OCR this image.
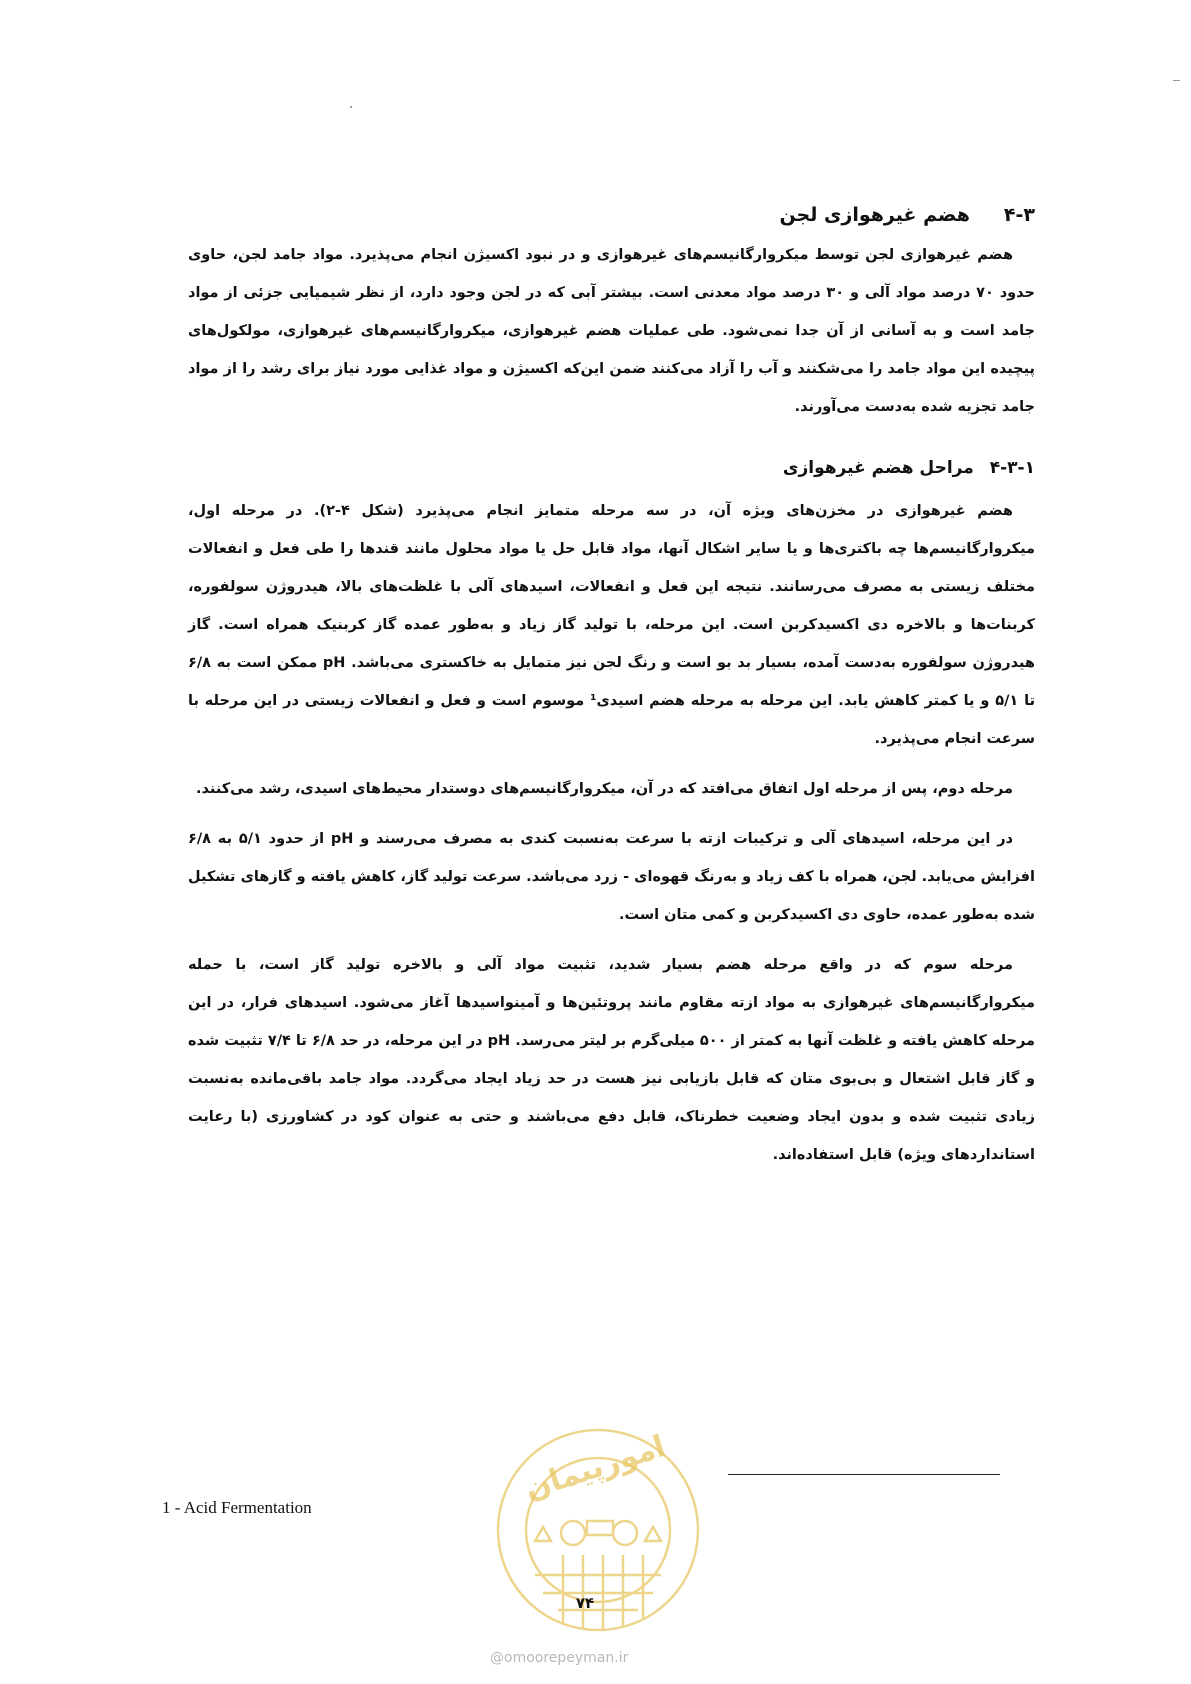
۴-۳هضم غیرهوازی لجن

هضم غیرهوازی لجن توسط میکروارگانیسم‌های غیرهوازی و در نبود اکسیژن انجام می‌پذیرد. مواد جامد لجن، حاوی حدود ۷۰ درصد مواد آلی و ۳۰ درصد مواد معدنی است. بیشتر آبی که در لجن وجود دارد، از نظر شیمیایی جزئی از مواد جامد است و به آسانی از آن جدا نمی‌شود. طی عملیات هضم غیرهوازی، میکروارگانیسم‌های غیرهوازی، مولکول‌های پیچیده این مواد جامد را می‌شکنند و آب را آزاد می‌کنند ضمن این‌که اکسیژن و مواد غذایی مورد نیاز برای رشد را از مواد جامد تجزیه شده به‌دست می‌آورند.

۴-۳-۱مراحل هضم غیرهوازی

هضم غیرهوازی در مخزن‌های ویژه آن، در سه مرحله متمایز انجام می‌پذیرد (شکل ۴-۲). در مرحله اول، میکروارگانیسم‌ها چه باکتری‌ها و یا سایر اشکال آنها، مواد قابل حل یا مواد محلول مانند قندها را طی فعل و انفعالات مختلف زیستی به مصرف می‌رسانند. نتیجه این فعل و انفعالات، اسیدهای آلی با غلظت‌های بالا، هیدروژن سولفوره، کربنات‌ها و بالاخره دی اکسیدکربن است. این مرحله، با تولید گاز زیاد و به‌طور عمده گاز کربنیک همراه است. گاز هیدروژن سولفوره به‌دست آمده، بسیار بد بو است و رنگ لجن نیز متمایل به خاکستری می‌باشد. pH ممکن است به ۶/۸ تا ۵/۱ و یا کمتر کاهش یابد. این مرحله به مرحله هضم اسیدی¹ موسوم است و فعل و انفعالات زیستی در این مرحله با سرعت انجام می‌پذیرد.

مرحله دوم، پس از مرحله اول اتفاق می‌افتد که در آن، میکروارگانیسم‌های دوستدار محیط‌های اسیدی، رشد می‌کنند.

در این مرحله، اسیدهای آلی و ترکیبات ازته با سرعت به‌نسبت کندی به مصرف می‌رسند و pH از حدود ۵/۱ به ۶/۸ افزایش می‌یابد. لجن، همراه با کف زیاد و به‌رنگ قهوه‌ای - زرد می‌باشد. سرعت تولید گاز، کاهش یافته و گازهای تشکیل شده به‌طور عمده، حاوی دی اکسیدکربن و کمی متان است.

مرحله سوم که در واقع مرحله هضم بسیار شدید، تثبیت مواد آلی و بالاخره تولید گاز است، با حمله میکروارگانیسم‌های غیرهوازی به مواد ازته مقاوم مانند پروتئین‌ها و آمینواسیدها آغاز می‌شود. اسیدهای فرار، در این مرحله کاهش یافته و غلظت آنها به کمتر از ۵۰۰ میلی‌گرم بر لیتر می‌رسد. pH در این مرحله، در حد ۶/۸ تا ۷/۴ تثبیت شده و گاز قابل اشتعال و بی‌بوی متان که قابل بازیابی نیز هست در حد زیاد ایجاد می‌گردد. مواد جامد باقی‌مانده به‌نسبت زیادی تثبیت شده و بدون ایجاد وضعیت خطرناک، قابل دفع می‌باشند و حتی به عنوان کود در کشاورزی (با رعایت استانداردهای ویژه) قابل استفاده‌اند.

1 - Acid Fermentation
امورپیمان
۷۴
@omoorepeyman.ir
